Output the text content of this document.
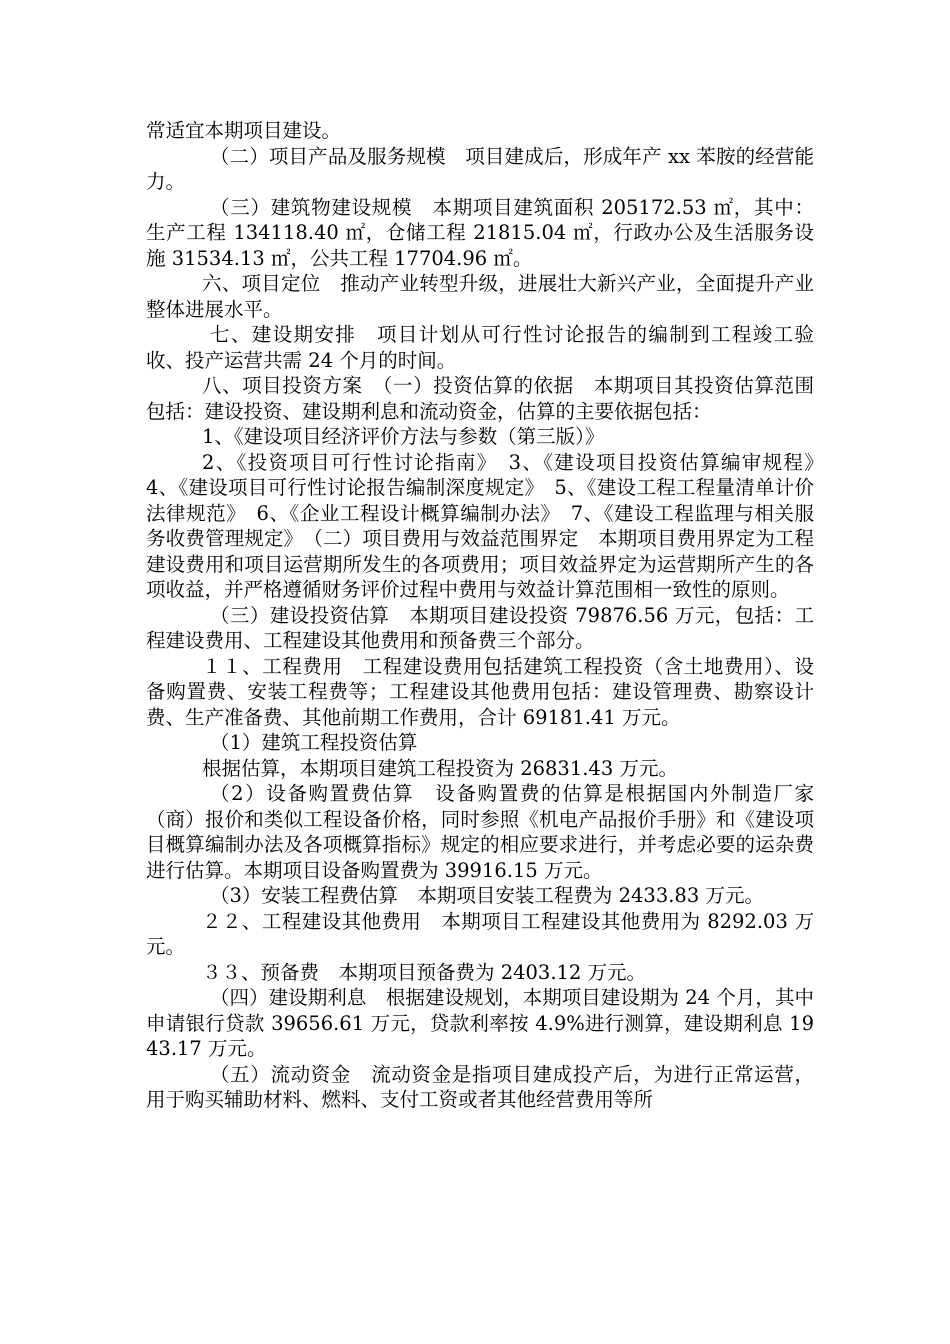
常适宜本期项目建设。

（二）项目产品及服务规模　项目建成后，形成年产 xx 苯胺的经营能力。

（三）建筑物建设规模　本期项目建筑面积 205172.53 ㎡，其中：生产工程 134118.40 ㎡，仓储工程 21815.04 ㎡，行政办公及生活服务设施 31534.13 ㎡，公共工程 17704.96 ㎡。

六、项目定位　推动产业转型升级，进展壮大新兴产业，全面提升产业整体进展水平。

七、建设期安排　项目计划从可行性讨论报告的编制到工程竣工验收、投产运营共需 24 个月的时间。

八、项目投资方案　（一）投资估算的依据　本期项目其投资估算范围包括：建设投资、建设期利息和流动资金，估算的主要依据包括：

1、《建设项目经济评价方法与参数（第三版）》

2、《投资项目可行性讨论指南》　3、《建设项目投资估算编审规程》　4、《建设项目可行性讨论报告编制深度规定》　5、《建设工程工程量清单计价法律规范》　6、《企业工程设计概算编制办法》　7、《建设工程监理与相关服务收费管理规定》　（二）项目费用与效益范围界定　本期项目费用界定为工程建设费用和项目运营期所发生的各项费用；项目效益界定为运营期所产生的各项收益，并严格遵循财务评价过程中费用与效益计算范围相一致性的原则。

（三）建设投资估算　本期项目建设投资 79876.56 万元，包括：工程建设费用、工程建设其他费用和预备费三个部分。

１１、工程费用　工程建设费用包括建筑工程投资（含土地费用）、设备购置费、安装工程费等；工程建设其他费用包括：建设管理费、勘察设计费、生产准备费、其他前期工作费用，合计 69181.41 万元。

（1）建筑工程投资估算

根据估算，本期项目建筑工程投资为 26831.43 万元。

（2）设备购置费估算　设备购置费的估算是根据国内外制造厂家（商）报价和类似工程设备价格，同时参照《机电产品报价手册》和《建设项目概算编制办法及各项概算指标》规定的相应要求进行，并考虑必要的运杂费进行估算。本期项目设备购置费为 39916.15 万元。

（3）安装工程费估算　本期项目安装工程费为 2433.83 万元。

２２、工程建设其他费用　本期项目工程建设其他费用为 8292.03 万元。

３３、预备费　本期项目预备费为 2403.12 万元。

（四）建设期利息　根据建设规划，本期项目建设期为 24 个月，其中申请银行贷款 39656.61 万元，贷款利率按 4.9%进行测算，建设期利息 1943.17 万元。

（五）流动资金　流动资金是指项目建成投产后，为进行正常运营，用于购买辅助材料、燃料、支付工资或者其他经营费用等所
